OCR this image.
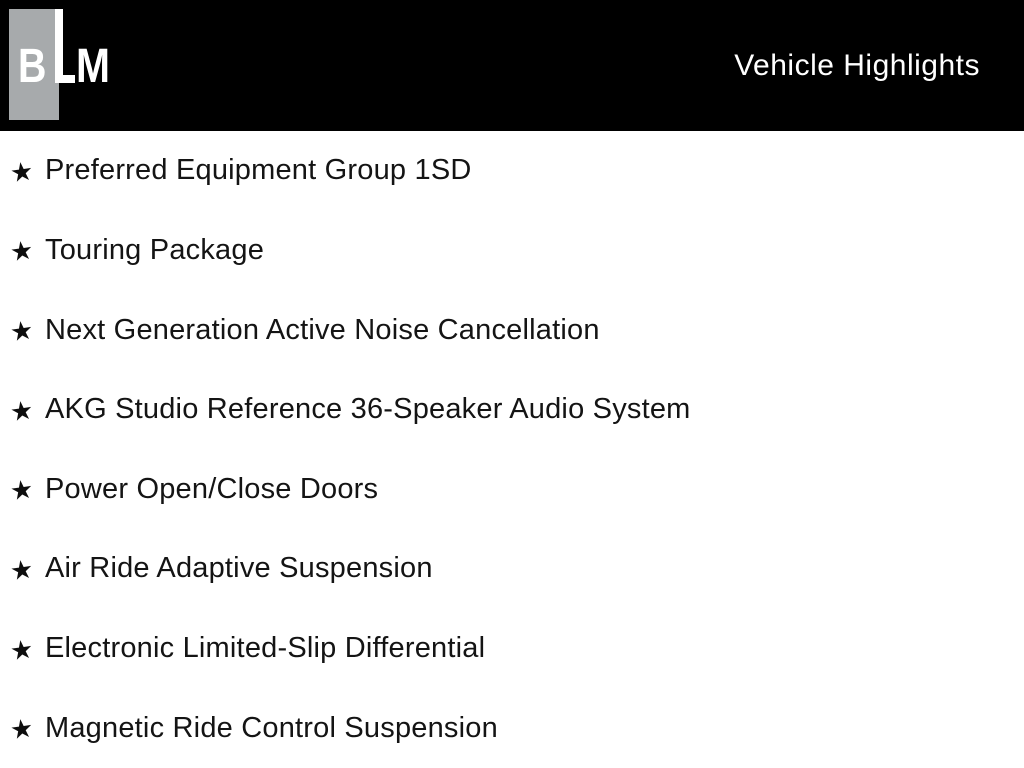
B M	Vehicle Highlights
★ Preferred Equipment Group 1SD
★ Touring Package
★ Next Generation Active Noise Cancellation
★ AKG Studio Reference 36-Speaker Audio System
★ Power Open/Close Doors
★ Air Ride Adaptive Suspension
★ Electronic Limited-Slip Differential
★ Magnetic Ride Control Suspension
